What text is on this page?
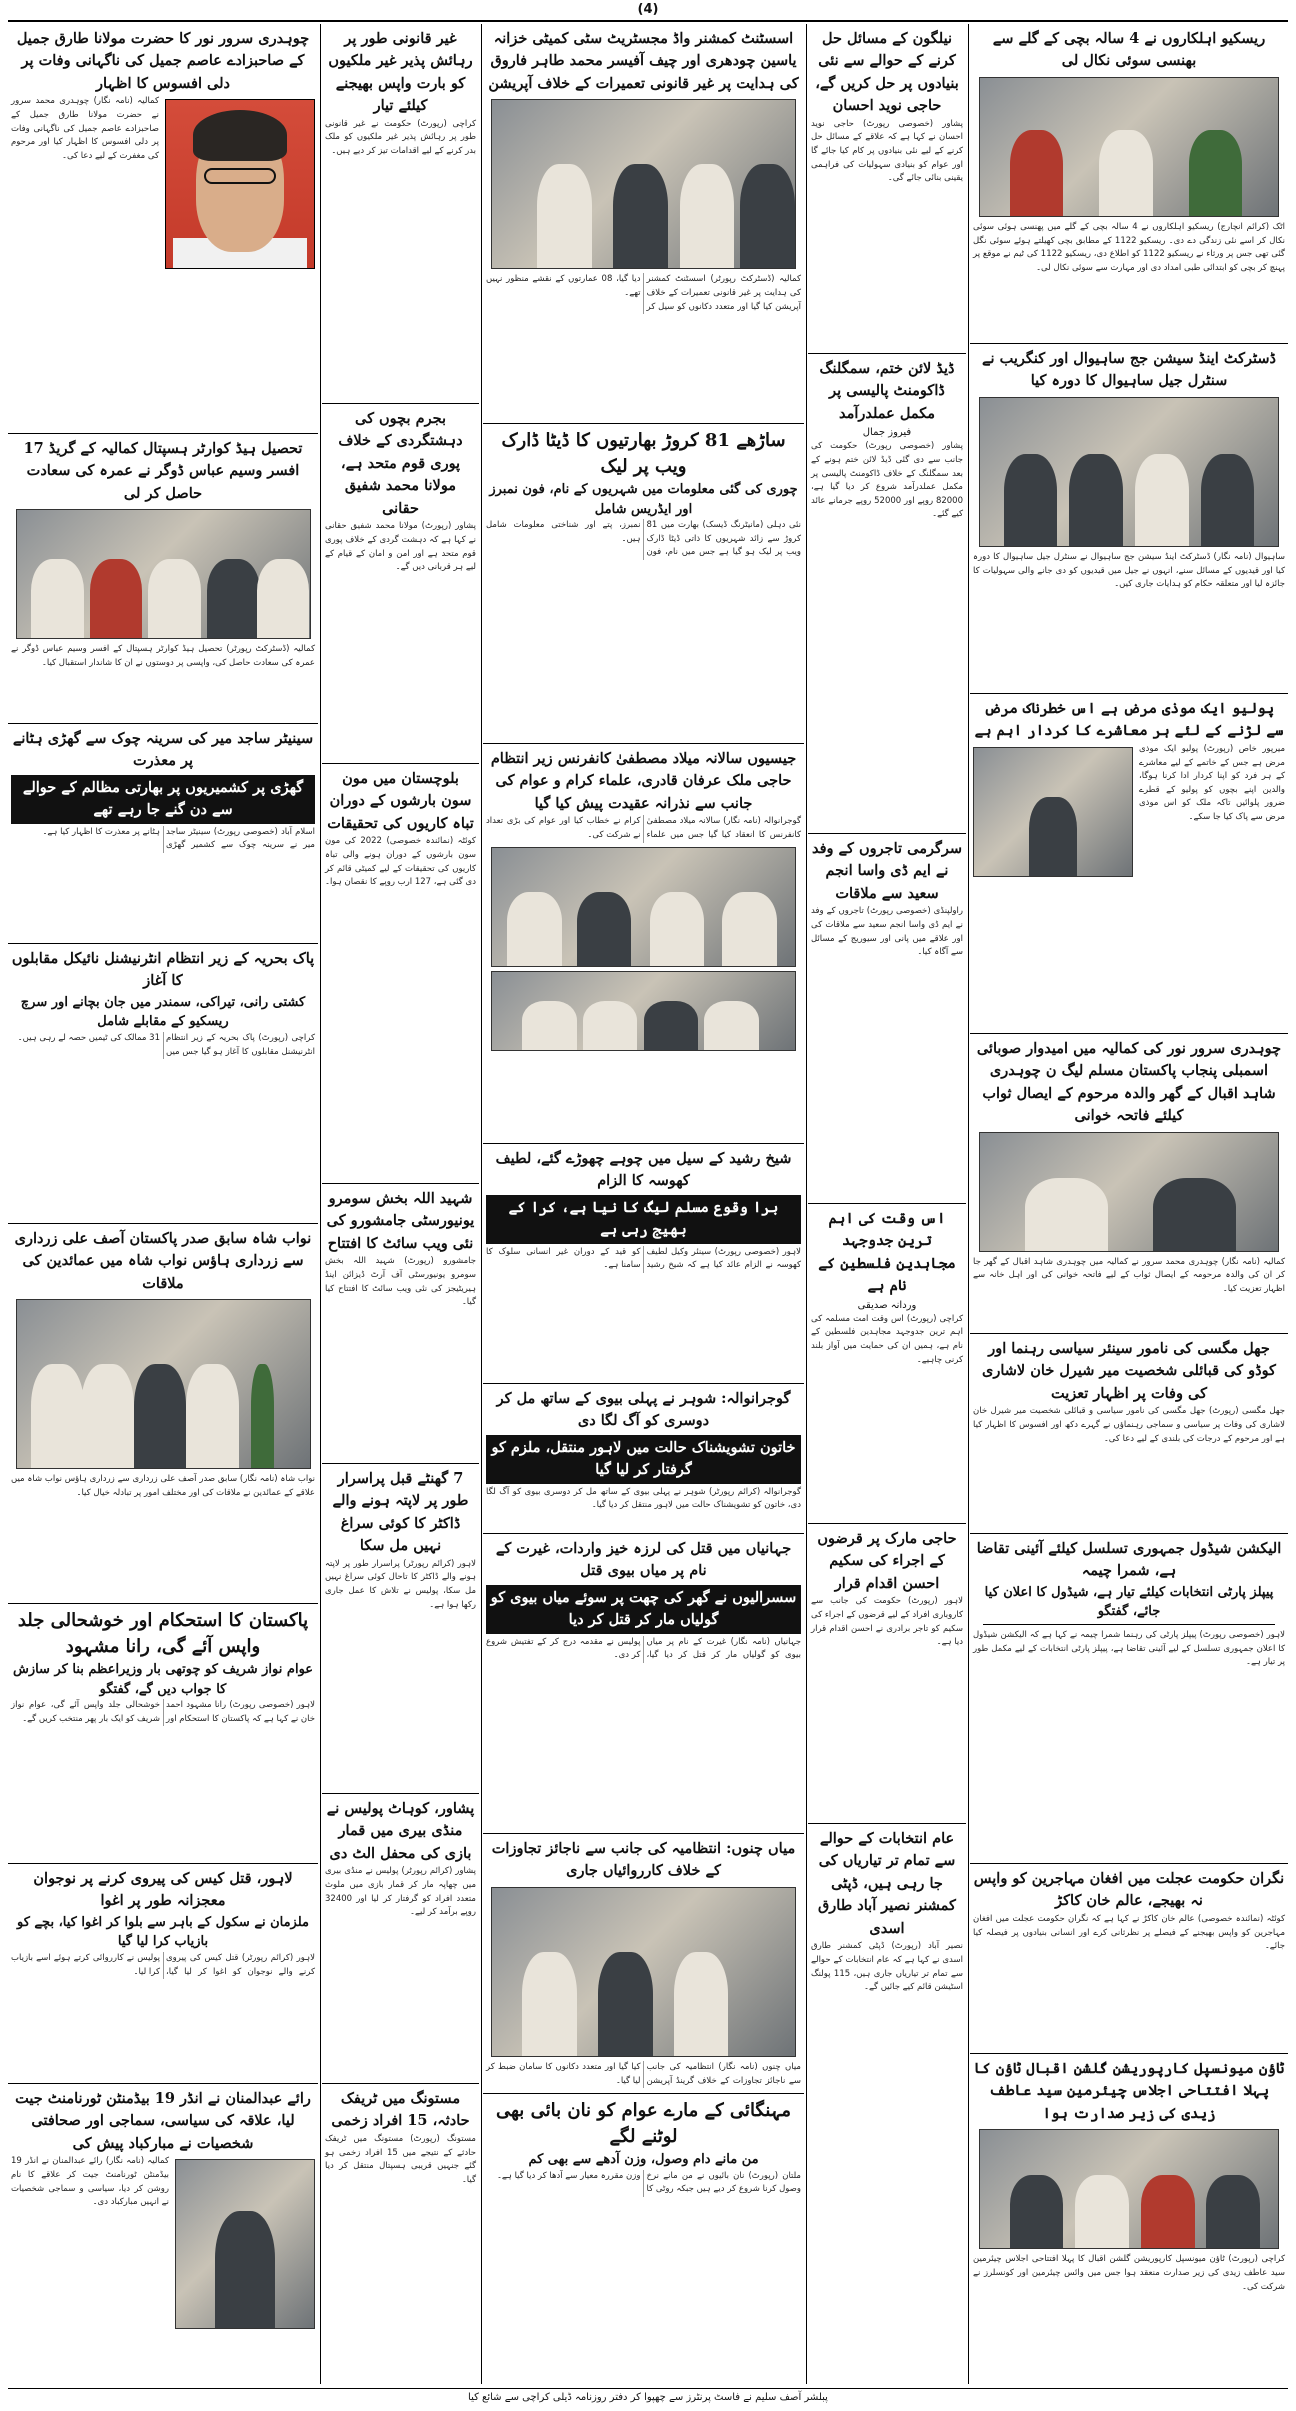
(4)
ریسکیو اہلکاروں نے 4 سالہ بچی کے گلے سے بھنسی سوئی نکال لی
اٹک (کرائم انچارج) ریسکیو اہلکاروں نے 4 سالہ بچی کے گلے میں پھنسی ہوئی سوئی نکال کر اسے نئی زندگی دے دی۔ ریسکیو 1122 کے مطابق بچی کھیلتے ہوئے سوئی نگل گئی تھی جس پر ورثاء نے ریسکیو 1122 کو اطلاع دی، ریسکیو 1122 کی ٹیم نے موقع پر پہنچ کر بچی کو ابتدائی طبی امداد دی اور مہارت سے سوئی نکال لی۔
ڈسٹرکٹ اینڈ سیشن جج ساہیوال اور کنگریب نے سنٹرل جیل ساہیوال کا دورہ کیا
ساہیوال (نامہ نگار) ڈسٹرکٹ اینڈ سیشن جج ساہیوال نے سنٹرل جیل ساہیوال کا دورہ کیا اور قیدیوں کے مسائل سنے، انہوں نے جیل میں قیدیوں کو دی جانے والی سہولیات کا جائزہ لیا اور متعلقہ حکام کو ہدایات جاری کیں۔
پولیو ایک موذی مرض ہے اس خطرناک مرض سے لڑنے کے لئے ہر معاشرے کا کردار اہم ہے
میرپور خاص (رپورٹ) پولیو ایک موذی مرض ہے جس کے خاتمے کے لیے معاشرے کے ہر فرد کو اپنا کردار ادا کرنا ہوگا، والدین اپنے بچوں کو پولیو کے قطرے ضرور پلوائیں تاکہ ملک کو اس موذی مرض سے پاک کیا جا سکے۔
چوہدری سرور نور کی کمالیہ میں امیدوار صوبائی اسمبلی پنجاب پاکستان مسلم لیگ ن چوہدری شاہد اقبال کے گھر والدہ مرحوم کے ایصال ثواب کیلئے فاتحہ خوانی
کمالیہ (نامہ نگار) چوہدری محمد سرور نے کمالیہ میں چوہدری شاہد اقبال کے گھر جا کر ان کی والدہ مرحومہ کے ایصال ثواب کے لیے فاتحہ خوانی کی اور اہل خانہ سے اظہار تعزیت کیا۔
جھل مگسی کی نامور سینئر سیاسی رہنما اور کوڈو کی قبائلی شخصیت میر شیرل خان لاشاری کی وفات پر اظہار تعزیت
جھل مگسی (رپورٹ) جھل مگسی کی نامور سیاسی و قبائلی شخصیت میر شیرل خان لاشاری کی وفات پر سیاسی و سماجی رہنماؤں نے گہرے دکھ اور افسوس کا اظہار کیا ہے اور مرحوم کے درجات کی بلندی کے لیے دعا کی۔
الیکشن شیڈول جمہوری تسلسل کیلئے آئینی تقاضا ہے، شمرا چیمہ
پیپلز پارٹی انتخابات کیلئے تیار ہے، شیڈول کا اعلان کیا جائے، گفتگو
لاہور (خصوصی رپورٹ) پیپلز پارٹی کی رہنما شمرا چیمہ نے کہا ہے کہ الیکشن شیڈول کا اعلان جمہوری تسلسل کے لیے آئینی تقاضا ہے، پیپلز پارٹی انتخابات کے لیے مکمل طور پر تیار ہے۔
نگران حکومت عجلت میں افغان مہاجرین کو واپس نہ بھیجے، عالم خان کاکڑ
کوئٹہ (نمائندہ خصوصی) عالم خان کاکڑ نے کہا ہے کہ نگران حکومت عجلت میں افغان مہاجرین کو واپس بھیجنے کے فیصلے پر نظرثانی کرے اور انسانی بنیادوں پر فیصلہ کیا جائے۔
ٹاؤن میونسپل کارپوریشن گلشن اقبال ٹاؤن کا پہلا افتتاحی اجلاس چیئرمین سید عاطف زیدی کی زیر صدارت ہوا
کراچی (رپورٹ) ٹاؤن میونسپل کارپوریشن گلشن اقبال کا پہلا افتتاحی اجلاس چیئرمین سید عاطف زیدی کی زیر صدارت منعقد ہوا جس میں وائس چیئرمین اور کونسلرز نے شرکت کی۔
نیلگون کے مسائل حل کرنے کے حوالے سے نئی بنیادوں پر حل کریں گے، حاجی نوید احسان
پشاور (خصوصی رپورٹ) حاجی نوید احسان نے کہا ہے کہ علاقے کے مسائل حل کرنے کے لیے نئی بنیادوں پر کام کیا جائے گا اور عوام کو بنیادی سہولیات کی فراہمی یقینی بنائی جائے گی۔
ڈیڈ لائن ختم، سمگلنگ ڈاکومنٹ پالیسی پر مکمل عملدرآمد
فیروز جمال
پشاور (خصوصی رپورٹ) حکومت کی جانب سے دی گئی ڈیڈ لائن ختم ہونے کے بعد سمگلنگ کے خلاف ڈاکومنٹ پالیسی پر مکمل عملدرآمد شروع کر دیا گیا ہے، 82000 روپے اور 52000 روپے جرمانے عائد کیے گئے۔
سرگرمی تاجروں کے وفد نے ایم ڈی واسا انجم سعید سے ملاقات
راولپنڈی (خصوصی رپورٹ) تاجروں کے وفد نے ایم ڈی واسا انجم سعید سے ملاقات کی اور علاقے میں پانی اور سیوریج کے مسائل سے آگاہ کیا۔
اس وقت کی اہم ترین جدوجہد مجاہدین فلسطین کے نام ہے
وردانہ صدیقی
کراچی (رپورٹ) اس وقت امت مسلمہ کی اہم ترین جدوجہد مجاہدین فلسطین کے نام ہے، ہمیں ان کی حمایت میں آواز بلند کرنی چاہیے۔
حاجی مارک پر قرضوں کے اجراء کی سکیم احسن اقدام قرار
لاہور (رپورٹ) حکومت کی جانب سے کاروباری افراد کے لیے قرضوں کے اجراء کی سکیم کو تاجر برادری نے احسن اقدام قرار دیا ہے۔
عام انتخابات کے حوالے سے تمام تر تیاریاں کی جا رہی ہیں، ڈپٹی کمشنر نصیر آباد طارق اسدی
نصیر آباد (رپورٹ) ڈپٹی کمشنر طارق اسدی نے کہا ہے کہ عام انتخابات کے حوالے سے تمام تر تیاریاں جاری ہیں، 115 پولنگ اسٹیشن قائم کیے جائیں گے۔
اسسٹنٹ کمشنر واڈ مجسٹریٹ سٹی کمیٹی خزانہ یاسین چودھری اور چیف آفیسر محمد طاہر فاروق کی ہدایت پر غیر قانونی تعمیرات کے خلاف آپریشن
کمالیہ (ڈسٹرکٹ رپورٹر) اسسٹنٹ کمشنر کی ہدایت پر غیر قانونی تعمیرات کے خلاف آپریشن کیا گیا اور متعدد دکانوں کو سیل کر دیا گیا، 08 عمارتوں کے نقشے منظور نہیں تھے۔
ساڑھے 81 کروڑ بھارتیوں کا ڈیٹا ڈارک ویب پر لیک
چوری کی گئی معلومات میں شہریوں کے نام، فون نمبرز اور ایڈریس شامل
نئی دہلی (مانیٹرنگ ڈیسک) بھارت میں 81 کروڑ سے زائد شہریوں کا ذاتی ڈیٹا ڈارک ویب پر لیک ہو گیا ہے جس میں نام، فون نمبرز، پتے اور شناختی معلومات شامل ہیں۔
جیسیوں سالانہ میلاد مصطفیٰ کانفرنس زیر انتظام حاجی ملک عرفان قادری، علماء کرام و عوام کی جانب سے نذرانہ عقیدت پیش کیا گیا
گوجرانوالہ (نامہ نگار) سالانہ میلاد مصطفیٰ کانفرنس کا انعقاد کیا گیا جس میں علماء کرام نے خطاب کیا اور عوام کی بڑی تعداد نے شرکت کی۔
شیخ رشید کے سیل میں چوہے چھوڑے گئے، لطیف کھوسہ کا الزام
برا وقوع مسلم لیگ کا نیا ہے، کرا کے بھیج رہی ہے
لاہور (خصوصی رپورٹ) سینئر وکیل لطیف کھوسہ نے الزام عائد کیا ہے کہ شیخ رشید کو قید کے دوران غیر انسانی سلوک کا سامنا ہے۔
گوجرانوالہ: شوہر نے پہلی بیوی کے ساتھ مل کر دوسری کو آگ لگا دی
خاتون تشویشناک حالت میں لاہور منتقل، ملزم کو گرفتار کر لیا گیا
گوجرانوالہ (کرائم رپورٹر) شوہر نے پہلی بیوی کے ساتھ مل کر دوسری بیوی کو آگ لگا دی، خاتون کو تشویشناک حالت میں لاہور منتقل کر دیا گیا۔
جہانیاں میں قتل کی لرزہ خیز واردات، غیرت کے نام پر میاں بیوی قتل
سسرالیوں نے گھر کی چھت پر سوئے میاں بیوی کو گولیاں مار کر قتل کر دیا
جہانیاں (نامہ نگار) غیرت کے نام پر میاں بیوی کو گولیاں مار کر قتل کر دیا گیا، پولیس نے مقدمہ درج کر کے تفتیش شروع کر دی۔
میاں چنوں: انتظامیہ کی جانب سے ناجائز تجاوزات کے خلاف کارروائیاں جاری
میاں چنوں (نامہ نگار) انتظامیہ کی جانب سے ناجائز تجاوزات کے خلاف گرینڈ آپریشن کیا گیا اور متعدد دکانوں کا سامان ضبط کر لیا گیا۔
مہنگائی کے مارے عوام کو نان بائی بھی لوٹنے لگے
من مانے دام وصول، وزن آدھے سے بھی کم
ملتان (رپورٹ) نان بائیوں نے من مانے نرخ وصول کرنا شروع کر دیے ہیں جبکہ روٹی کا وزن مقررہ معیار سے آدھا کر دیا گیا ہے۔
غیر قانونی طور پر رہائش پذیر غیر ملکیوں کو بارت واپس بھیجنے کیلئے تیار
کراچی (رپورٹ) حکومت نے غیر قانونی طور پر رہائش پذیر غیر ملکیوں کو ملک بدر کرنے کے لیے اقدامات تیز کر دیے ہیں۔
بجرم بچوں کی دہشتگردی کے خلاف پوری قوم متحد ہے، مولانا محمد شفیق حقانی
پشاور (رپورٹ) مولانا محمد شفیق حقانی نے کہا ہے کہ دہشت گردی کے خلاف پوری قوم متحد ہے اور امن و امان کے قیام کے لیے ہر قربانی دیں گے۔
بلوچستان میں مون سون بارشوں کے دوران تباہ کاریوں کی تحقیقات
کوئٹہ (نمائندہ خصوصی) 2022 کی مون سون بارشوں کے دوران ہونے والی تباہ کاریوں کی تحقیقات کے لیے کمیٹی قائم کر دی گئی ہے، 127 ارب روپے کا نقصان ہوا۔
شہید اللہ بخش سومرو یونیورسٹی جامشورو کی نئی ویب سائٹ کا افتتاح
جامشورو (رپورٹ) شہید اللہ بخش سومرو یونیورسٹی آف آرٹ ڈیزائن اینڈ ہیریٹیجز کی نئی ویب سائٹ کا افتتاح کیا گیا۔
7 گھنٹے قبل پراسرار طور پر لاپتہ ہونے والے ڈاکٹر کا کوئی سراغ نہیں مل سکا
لاہور (کرائم رپورٹر) پراسرار طور پر لاپتہ ہونے والے ڈاکٹر کا تاحال کوئی سراغ نہیں مل سکا، پولیس نے تلاش کا عمل جاری رکھا ہوا ہے۔
پشاور، کوہاٹ پولیس نے منڈی بیری میں قمار بازی کی محفل الٹ دی
پشاور (کرائم رپورٹر) پولیس نے منڈی بیری میں چھاپہ مار کر قمار بازی میں ملوث متعدد افراد کو گرفتار کر لیا اور 32400 روپے برآمد کر لیے۔
مستونگ میں ٹریفک حادثہ، 15 افراد زخمی
مستونگ (رپورٹ) مستونگ میں ٹریفک حادثے کے نتیجے میں 15 افراد زخمی ہو گئے جنہیں قریبی ہسپتال منتقل کر دیا گیا۔
چوہدری سرور نور کا حضرت مولانا طارق جمیل کے صاحبزادے عاصم جمیل کی ناگہانی وفات پر دلی افسوس کا اظہار
کمالیہ (نامہ نگار) چوہدری محمد سرور نے حضرت مولانا طارق جمیل کے صاحبزادے عاصم جمیل کی ناگہانی وفات پر دلی افسوس کا اظہار کیا اور مرحوم کی مغفرت کے لیے دعا کی۔
تحصیل ہیڈ کوارٹر ہسپتال کمالیہ کے گریڈ 17 افسر وسیم عباس ڈوگر نے عمرہ کی سعادت حاصل کر لی
کمالیہ (ڈسٹرکٹ رپورٹر) تحصیل ہیڈ کوارٹر ہسپتال کے افسر وسیم عباس ڈوگر نے عمرہ کی سعادت حاصل کی، واپسی پر دوستوں نے ان کا شاندار استقبال کیا۔
سینیٹر ساجد میر کی سرینہ چوک سے گھڑی ہٹانے پر معذرت
گھڑی پر کشمیریوں پر بھارتی مظالم کے حوالے سے دن گنے جا رہے تھے
اسلام آباد (خصوصی رپورٹ) سینیٹر ساجد میر نے سرینہ چوک سے کشمیر گھڑی ہٹانے پر معذرت کا اظہار کیا ہے۔
پاک بحریہ کے زیر انتظام انٹرنیشنل نائیکل مقابلوں کا آغاز
کشتی رانی، تیراکی، سمندر میں جان بچانے اور سرچ ریسکیو کے مقابلے شامل
کراچی (رپورٹ) پاک بحریہ کے زیر انتظام انٹرنیشنل مقابلوں کا آغاز ہو گیا جس میں 31 ممالک کی ٹیمیں حصہ لے رہی ہیں۔
نواب شاہ سابق صدر پاکستان آصف علی زرداری سے زرداری ہاؤس نواب شاہ میں عمائدین کی ملاقات
نواب شاہ (نامہ نگار) سابق صدر آصف علی زرداری سے زرداری ہاؤس نواب شاہ میں علاقے کے عمائدین نے ملاقات کی اور مختلف امور پر تبادلہ خیال کیا۔
پاکستان کا استحکام اور خوشحالی جلد واپس آئے گی، رانا مشہود
عوام نواز شریف کو چوتھی بار وزیراعظم بنا کر سازش کا جواب دیں گے، گفتگو
لاہور (خصوصی رپورٹ) رانا مشہود احمد خان نے کہا ہے کہ پاکستان کا استحکام اور خوشحالی جلد واپس آئے گی، عوام نواز شریف کو ایک بار پھر منتخب کریں گے۔
لاہور، قتل کیس کی پیروی کرنے پر نوجوان معجزانہ طور پر اغوا
ملزمان نے سکول کے باہر سے بلوا کر اغوا کیا، بچے کو بازیاب کرا لیا گیا
لاہور (کرائم رپورٹر) قتل کیس کی پیروی کرنے والے نوجوان کو اغوا کر لیا گیا، پولیس نے کارروائی کرتے ہوئے اسے بازیاب کرا لیا۔
رائے عبدالمنان نے انڈر 19 بیڈمنٹن ٹورنامنٹ جیت لیا، علاقہ کی سیاسی، سماجی اور صحافتی شخصیات نے مبارکباد پیش کی
کمالیہ (نامہ نگار) رائے عبدالمنان نے انڈر 19 بیڈمنٹن ٹورنامنٹ جیت کر علاقے کا نام روشن کر دیا، سیاسی و سماجی شخصیات نے انہیں مبارکباد دی۔
پبلشر آصف سلیم نے فاسٹ پرنٹرز سے چھپوا کر دفتر روزنامہ ڈیلی کراچی سے شائع کیا
